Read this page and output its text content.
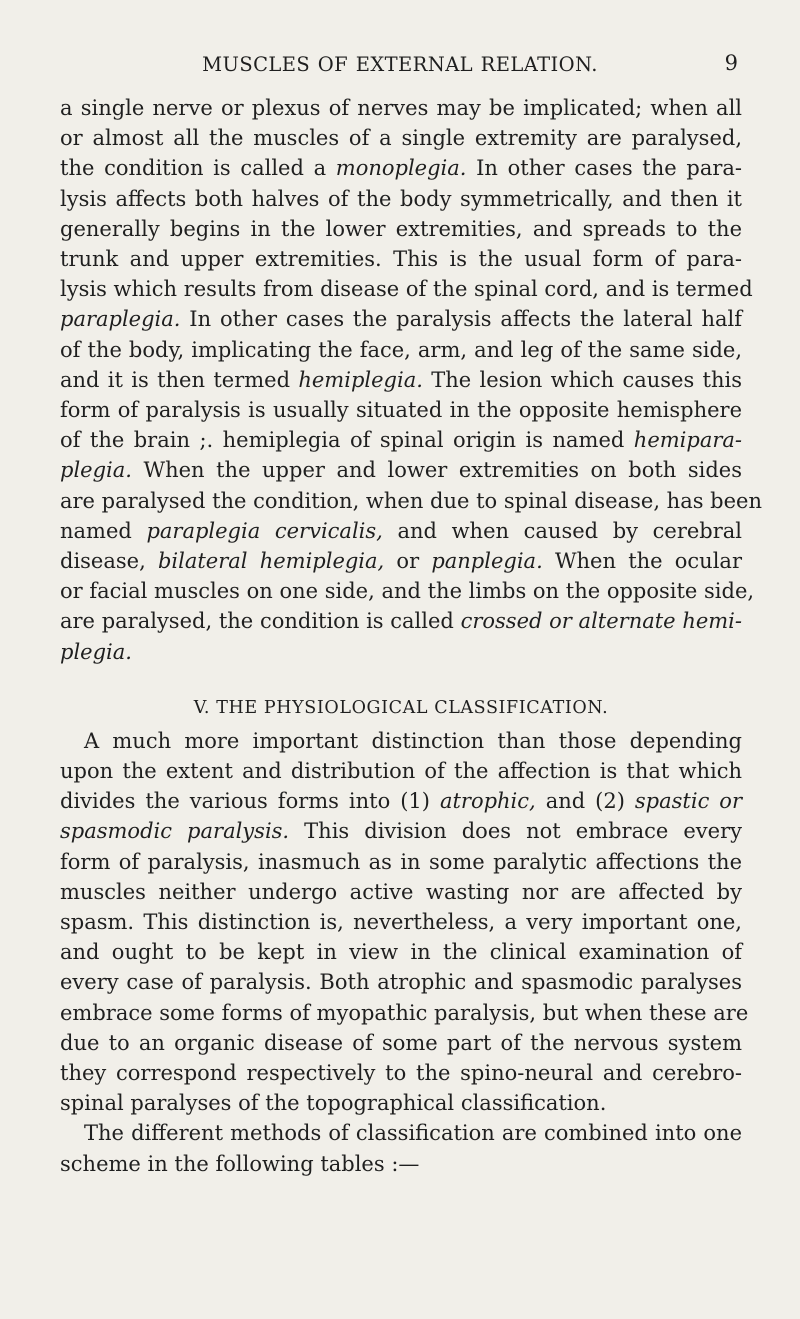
MUSCLES OF EXTERNAL RELATION.	9
a single nerve or plexus of nerves may be implicated; when all
or almost all the muscles of a single extremity are paralysed,
the condition is called a monoplegia. In other cases the para-
lysis affects both halves of the body symmetrically, and then it
generally begins in the lower extremities, and spreads to the
trunk and upper extremities. This is the usual form of para-
lysis which results from disease of the spinal cord, and is termed
paraplegia. In other cases the paralysis affects the lateral half
of the body, implicating the face, arm, and leg of the same side,
and it is then termed hemiplegia. The lesion which causes this
form of paralysis is usually situated in the opposite hemisphere
of the brain ;. hemiplegia of spinal origin is named hemipara-
plegia. When the upper and lower extremities on both sides
are paralysed the condition, when due to spinal disease, has been
named paraplegia cervicalis, and when caused by cerebral
disease, bilateral hemiplegia, or panplegia. When the ocular
or facial muscles on one side, and the limbs on the opposite side,
are paralysed, the condition is called crossed or alternate hemi-
plegia.
V. THE PHYSIOLOGICAL CLASSIFICATION.
A much more important distinction than those depending
upon the extent and distribution of the affection is that which
divides the various forms into (1) atrophic, and (2) spastic or
spasmodic paralysis. This division does not embrace every
form of paralysis, inasmuch as in some paralytic affections the
muscles neither undergo active wasting nor are affected by
spasm. This distinction is, nevertheless, a very important one,
and ought to be kept in view in the clinical examination of
every case of paralysis. Both atrophic and spasmodic paralyses
embrace some forms of myopathic paralysis, but when these are
due to an organic disease of some part of the nervous system
they correspond respectively to the spino-neural and cerebro-
spinal paralyses of the topographical classification.
The different methods of classification are combined into one
scheme in the following tables :—
